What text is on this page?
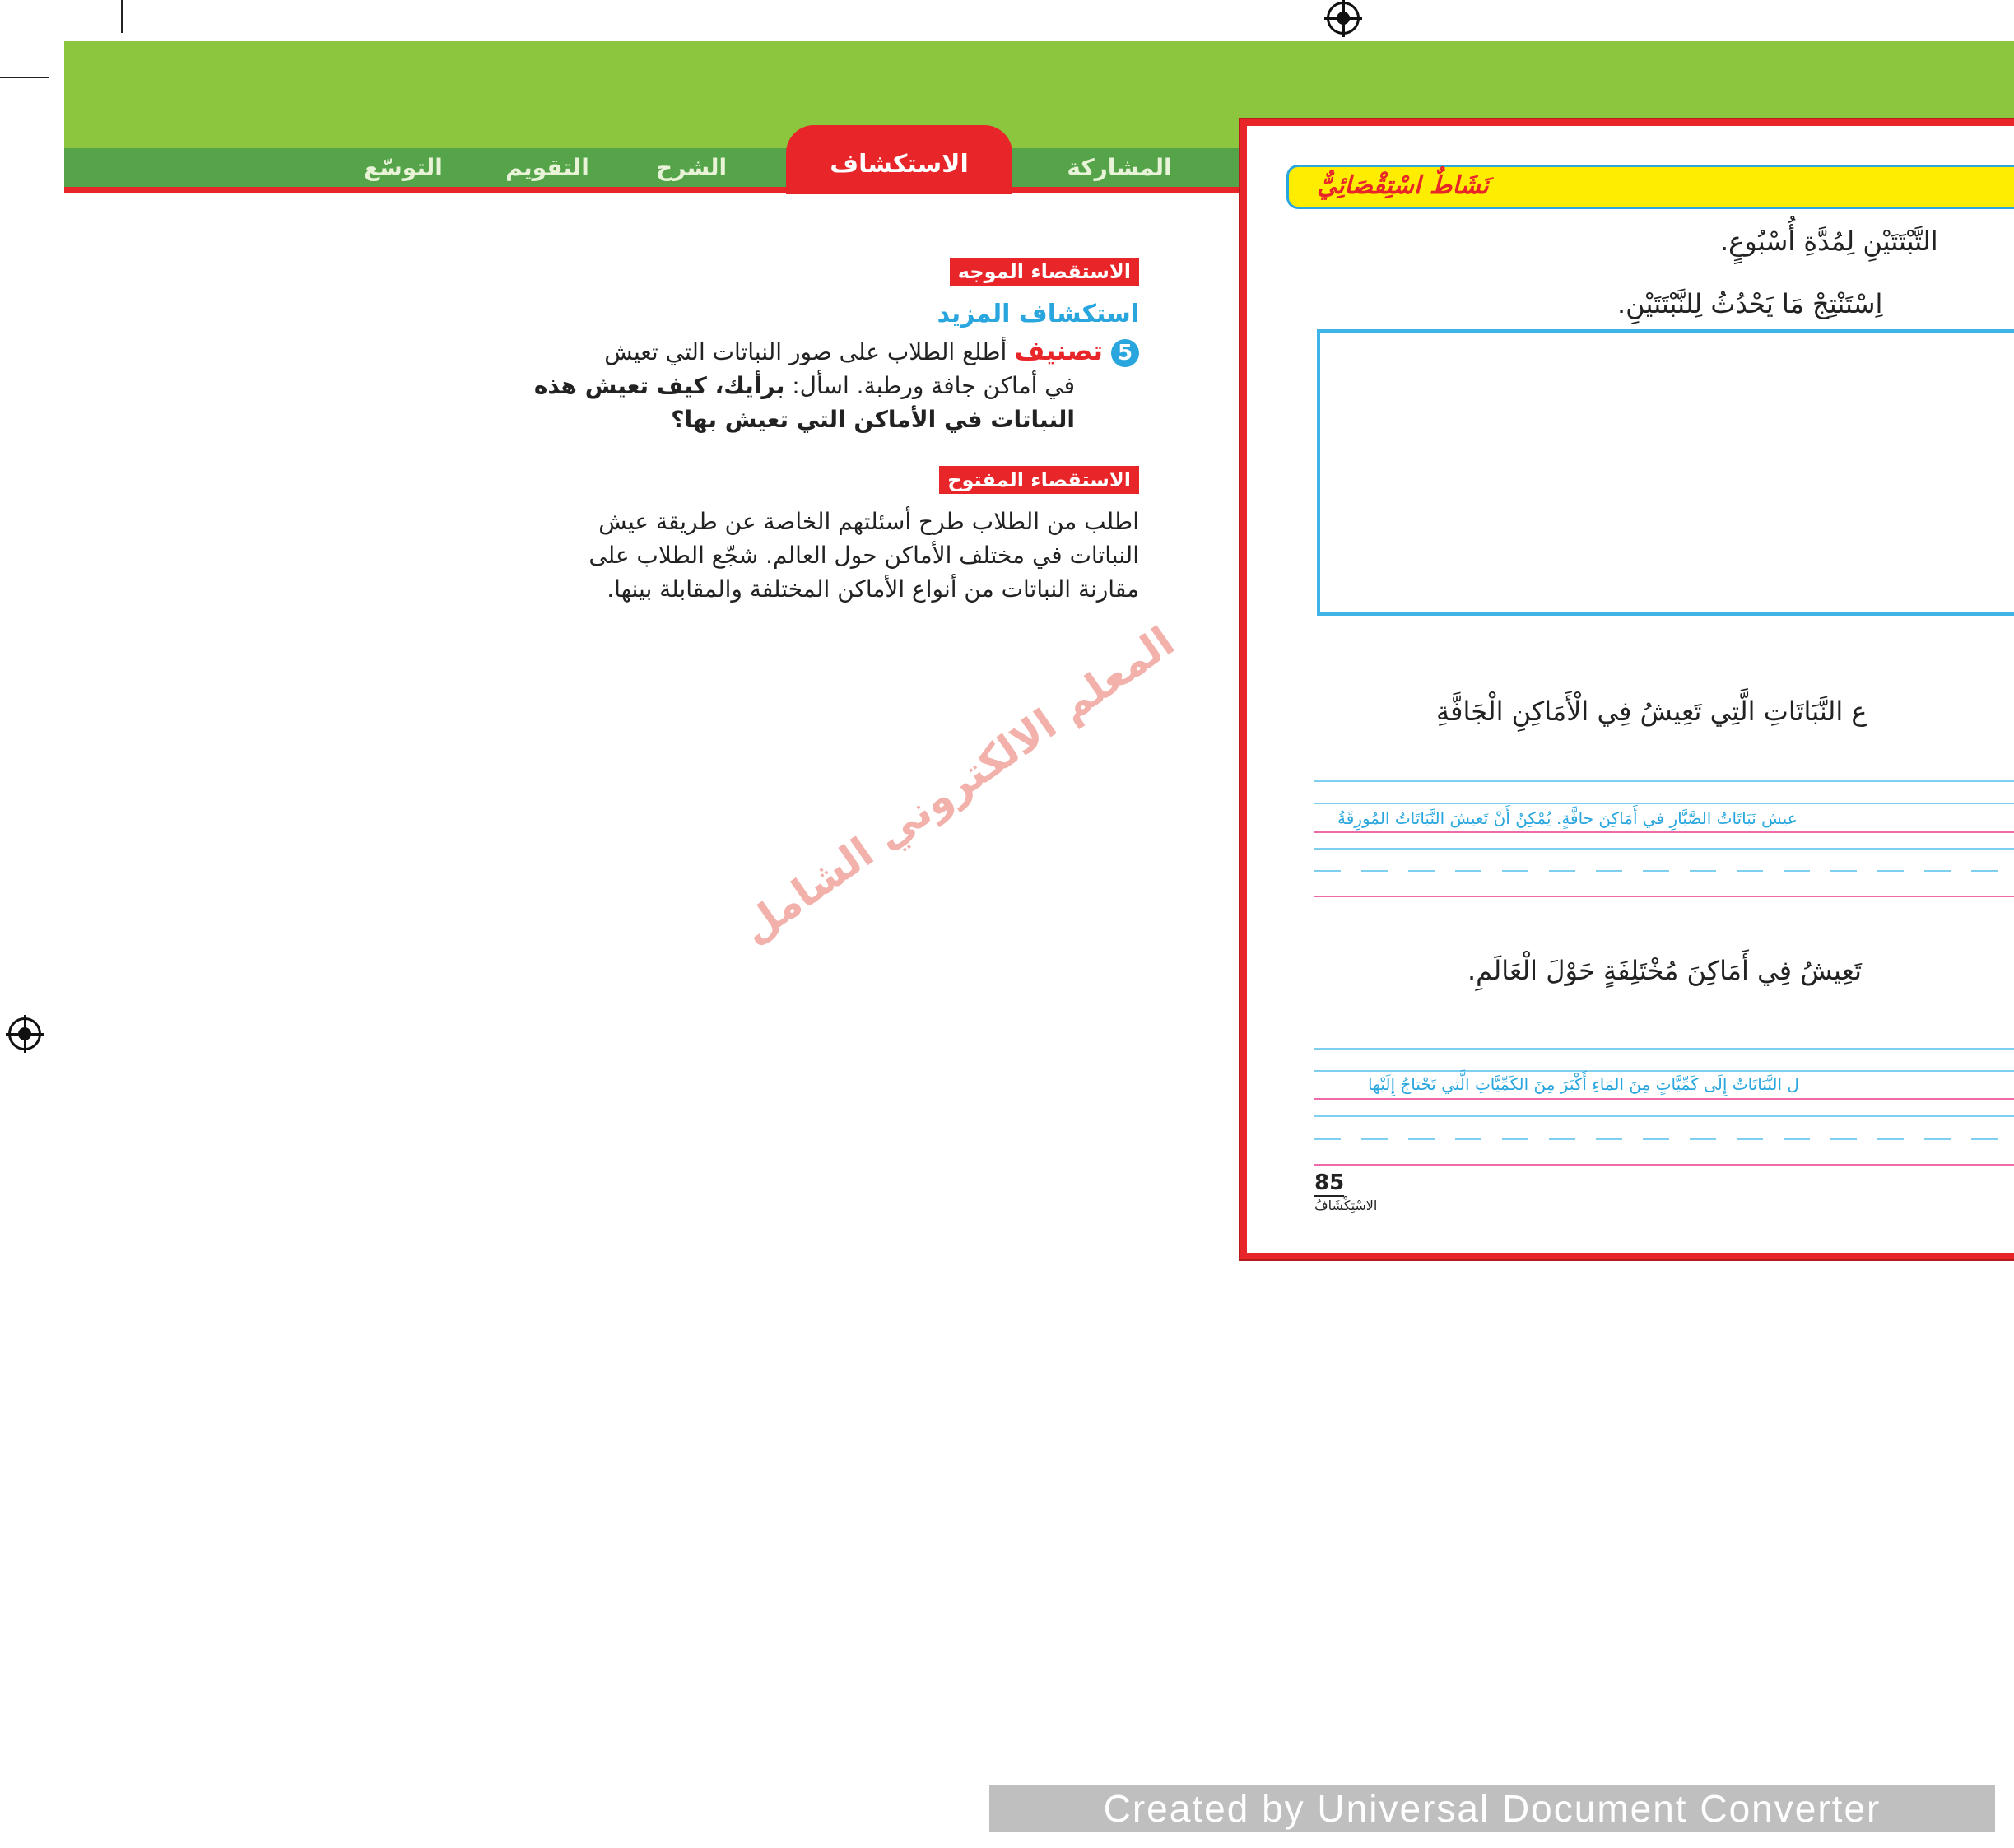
المشاركة
الاستكشاف
الشرح
التقويم
التوسّع
الاستقصاء الموجه
استكشاف المزيد
5تصنيف أطلع الطلاب على صور النباتات التي تعيش
في أماكن جافة ورطبة. اسأل: برأيك، كيف تعيش هذه
النباتات في الأماكن التي تعيش بها؟
الاستقصاء المفتوح
اطلب من الطلاب طرح أسئلتهم الخاصة عن طريقة عيش
النباتات في مختلف الأماكن حول العالم. شجّع الطلاب على
مقارنة النباتات من أنواع الأماكن المختلفة والمقابلة بينها.
المعلم الالكتروني الشامل
نَشَاطٌ اسْتِقْصَائِيٌّ
التَّبْتَتَيْنِ لِمُدَّةِ أُسْبُوعٍ.
اِسْتَنْتِجْ مَا يَحْدُثُ لِلنَّبْتَتَيْنِ.
ع النَّبَاتَاتِ الَّتِي تَعِيشُ فِي الْأَمَاكِنِ الْجَافَّةِ
عيش نَبَاتَاتُ الصَّبَّارِ في أَمَاكِنَ جافَّةٍ. يُمْكِنُ أَنْ تَعيشَ النَّبَاتَاتُ المُورِقَةُ
تَعِيشُ فِي أَمَاكِنَ مُخْتَلِفَةٍ حَوْلَ الْعَالَمِ.
ل النَّبَاتَاتُ إِلَى كَمِّيَّاتٍ مِنَ المَاءِ أَكْبَرَ مِنَ الكَمِّيَّاتِ الَّتي تَحْتاجُ إِلَيْها
85
الاسْتِكْشَافُ
Created by Universal Document Converter
